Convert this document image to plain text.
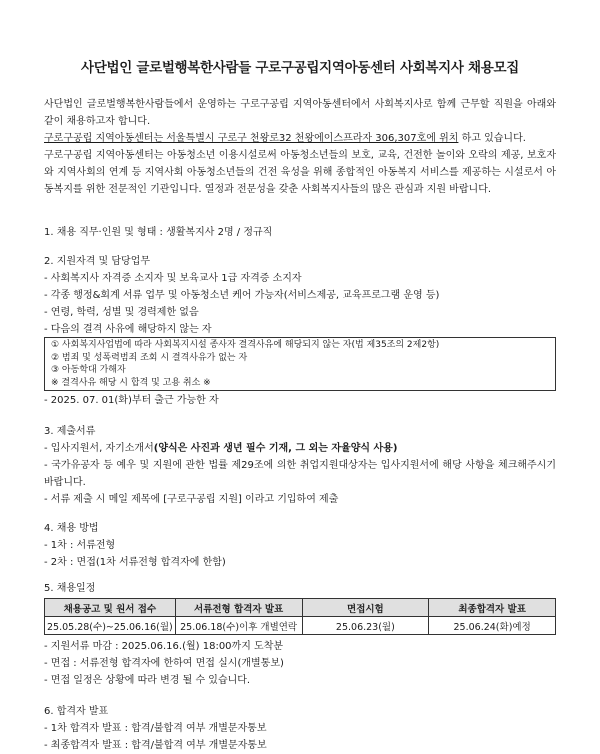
사단법인 글로벌행복한사람들 구로구공립지역아동센터 사회복지사 채용모집

사단법인 글로벌행복한사람들에서 운영하는 구로구공립 지역아동센터에서 사회복지사로 함께 근무할 직원을 아래와 같이 채용하고자 합니다.

구로구공립 지역아동센터는 서울특별시 구로구 천왕로32 천왕에이스프라자 306,307호에 위치 하고 있습니다.

구로구공립 지역아동센터는 아동청소년 이용시설로써 아동청소년들의 보호, 교육, 건전한 놀이와 오락의 제공, 보호자와 지역사회의 연계 등 지역사회 아동청소년들의 건전 육성을 위해 종합적인 아동복지 서비스를 제공하는 시설로서 아동복지를 위한 전문적인 기관입니다. 열정과 전문성을 갖춘 사회복지사들의 많은 관심과 지원 바랍니다.

1. 채용 직무·인원 및 형태 : 생활복지사 2명 / 정규직
2. 지원자격 및 담당업무
- 사회복지사 자격증 소지자 및 보육교사 1급 자격증 소지자
- 각종 행정&회계 서류 업무 및 아동청소년 케어 가능자(서비스제공, 교육프로그램 운영 등)
- 연령, 학력, 성별 및 경력제한 없음
- 다음의 결격 사유에 해당하지 않는 자
① 사회복지사업법에 따라 사회복지시설 종사자 결격사유에 해당되지 않는 자(법 제35조의 2제2항)
② 범죄 및 성폭력범죄 조회 시 결격사유가 없는 자
③ 아동학대 가해자
※ 결격사유 해당 시 합격 및 고용 취소 ※
- 2025. 07. 01(화)부터 출근 가능한 자
3. 제출서류
- 입사지원서, 자기소개서(양식은 사진과 생년 필수 기재, 그 외는 자율양식 사용)

- 국가유공자 등 예우 및 지원에 관한 법률 제29조에 의한 취업지원대상자는 입사지원서에 해당 사항을 체크해주시기 바랍니다.

- 서류 제출 시 메일 제목에 [구로구공립 지원] 이라고 기입하여 제출
4. 채용 방법
- 1차 : 서류전형
- 2차 : 면접(1차 서류전형 합격자에 한함)
5. 채용일정
채용공고 및 원서 접수	서류전형 합격자 발표	면접시험	최종합격자 발표
25.05.28(수)~25.06.16(월)	25.06.18(수)이후 개별연락	25.06.23(월)	25.06.24(화)예정
- 지원서류 마감 : 2025.06.16.(월) 18:00까지 도착분
- 면접 : 서류전형 합격자에 한하여 면접 실시(개별통보)
- 면접 일정은 상황에 따라 변경 될 수 있습니다.
6. 합격자 발표
- 1차 합격자 발표 : 합격/불합격 여부 개별문자통보
- 최종합격자 발표 : 합격/불합격 여부 개별문자통보
